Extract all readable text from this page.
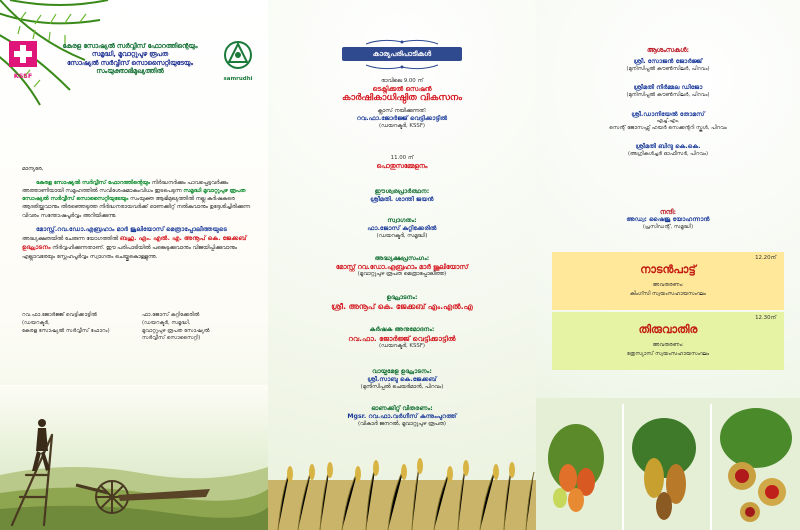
KSSF
കേരള സോഷ്യൽ സർവ്വീസ് ഫോറത്തിന്റെയും
സമൃദ്ധി, മൂവാറ്റുപുഴ രൂപത
സോഷ്യൽ സർവ്വീസ് സൊസൈറ്റിയുടേയും
സംയുക്താഭിമുഖ്യത്തിൽ
samrudhi

മാന്യരേ,

കേരള സോഷ്യൽ സർവ്വീസ് ഫോറത്തിന്റെയും നിർദ്ധനർക്കും പാവപ്പെട്ടവർക്കും അത്താണിയായി സമൂഹത്തിൽ സവിശേഷമാകുംവിധം ഇടപെടുന്ന സമൃദ്ധി മൂവാറ്റുപുഴ രൂപത സോഷ്യൽ സർവ്വീസ് സൊസൈറ്റിയുടേയും സംയുക്ത ആഭിമുഖ്യത്തിൽ നല്ല കർഷകരെ ആദരിയ്ക്കുവാനും തിരഞ്ഞെടുത്ത നിർദ്ധനരായവർക്ക് ഓണക്കിറ്റ് നൽകുവാനും ഉദ്ദേശിച്ചിരിക്കുന്ന വിവരം സന്തോഷപൂർവ്വം അറിയിക്കുന്നു.

മോസ്റ്റ്.റവ.ഡോ.എബ്രഹാം മാർ ജൂലിയോസ് മെത്രാപ്പോലീത്തയുടെ അദ്ധ്യക്ഷതയിൽ ചേരുന്ന യോഗത്തിൽ ബഹു. എം. എൽ. എ. അനൂപ് കെ. ജേക്കബ് ഉദ്ഘാടനം നിർവ്വഹിക്കുന്നതാണ്. ഈ പരിപാടിയിൽ പങ്കെടുക്കുവാനും വിജയിപ്പിക്കുവാനും എല്ലാവരേയും സ്നേഹപൂർവ്വം സ്വാഗതം ചെയ്തുകൊള്ളുന്നു.

റവ.ഫാ.ജോർജ്ജ് വെട്ടിക്കാട്ടിൽ
(ഡയറക്ടർ,
കേരള സോഷ്യൽ സർവ്വീസ് ഫോറം)
ഫാ.ജോസ് കുറ്റിക്കേരിൽ
(ഡയറക്ടർ, സമൃദ്ധി,
മൂവാറ്റുപുഴ രൂപത സോഷ്യൽ
സർവ്വീസ് സൊസൈറ്റി)
കാര്യപരിപാടികൾ
രാവിലെ 9.00 ന്
ടെക്നിക്കൽ സെഷൻ
കാർഷികാധിഷ്ഠിത വികസനം
ക്ലാസ് നയിക്കുന്നത്:
റവ.ഫാ.ജോർജ്ജ് വെട്ടിക്കാട്ടിൽ
(ഡയറക്ടർ, KSSF)
11.00 ന്
പൊതുസമ്മേളനം
ഈശ്വരപ്രാർത്ഥന:
ശ്രീമതി. ശാന്തി ജയൻ
സ്വാഗതം:
ഫാ.ജോസ് കുറ്റിക്കേരിൽ
(ഡയറക്ടർ, സമൃദ്ധി)
അദ്ധ്യക്ഷപ്രസംഗം:
മോസ്റ്റ് റവ.ഡോ.എബ്രഹാം മാർ ജൂലിയോസ്
(മൂവാറ്റുപുഴ രൂപത മെത്രാപ്പോലീത്ത)
ഉദ്ഘാടനം:
ശ്രീ. അനൂപ് കെ. ജേക്കബ് എം.എൽ.എ
കർഷക അനുമോദനം:
റവ.ഫാ. ജോർജ്ജ് വെട്ടിക്കാട്ടിൽ
(ഡയറക്ടർ, KSSF)
വായ്പമേള ഉദ്ഘാടനം:
ശ്രീ.സാബു കെ.ജേക്കബ്
(മുനിസിപ്പൽ ചെയർമാൻ, പിറവം)
ഓണക്കിറ്റ് വിതരണം:
Mgsr. റവ.ഫാ.വർഗീസ് കുന്നുംപുറത്ത്
(വികാർ ജനറൽ, മൂവാറ്റുപുഴ രൂപത)
ആശംസകൾ:
ശ്രീ. സോജൻ ജോർജ്ജ്
(മുനിസിപ്പൽ കൗൺസിലർ, പിറവം)
ശ്രീമതി നിർമ്മല ഡിജോ
(മുനിസിപ്പൽ കൗൺസിലർ, പിറവം)
ശ്രീ.ഡാനിയേൽ തോമസ്
എച്ച്.എം.
സെന്റ് ജോസഫ്സ് ഹയർ സെക്കന്ററി സ്കൂൾ, പിറവം
ശ്രീമതി ബിന്ദു കെ.കെ.
(അഗ്രികൾച്ചർ ഓഫീസർ, പിറവം)
നന്ദി:
അഡ്വ: ഷൈജു യോഹന്നാൻ
(പ്രസിഡന്റ്, സമൃദ്ധി)
12.20ന്
നാടൻപാട്ട്
അവതരണം:
കിംഗ്സി സ്വയംസഹായസംഘം
12.30ന്
തിരുവാതിര
അവതരണം:
ത്രേസ്യാസ് സ്വയംസഹായസംഘം
